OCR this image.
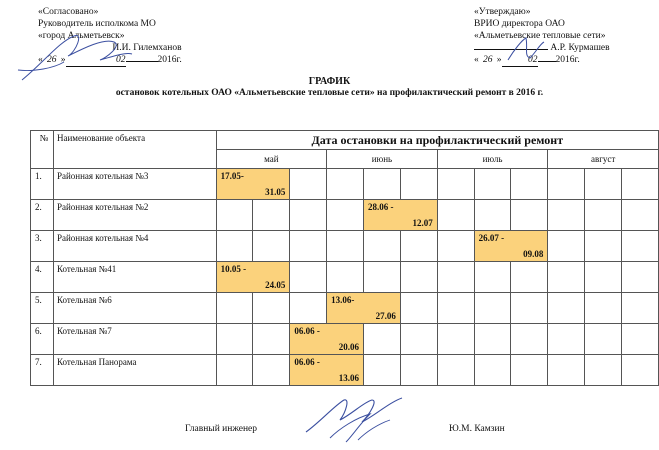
«Согласовано»
Руководитель исполкома МО
«город Альметьевск»
И.И. Гилемханов
« 26 »	02	2016г.
«Утверждаю»
ВРИО директора ОАО
«Альметьевские тепловые сети»
А.Р. Курмашев
« 26 »	02 2016г.
ГРАФИК
остановок котельных ОАО «Альметьевские тепловые сети» на профилактический ремонт в 2016 г.
№	Наименование объекта	Дата остановки на профилактический ремонт											
		май			июнь			июль			август		
1.	Районная котельная №3	17.05-
31.05											

2.	Районная котельная №2					28.06 -
12.07							

3.	Районная котельная №4								26.07 -
09.08				

4.	Котельная №41	10.05 -
24.05											

5.	Котельная №6				13.06-
27.06								

6.	Котельная №7			06.06 -
20.06									

7.	Котельная Панорама			06.06 -
13.06									

Главный инженер	Ю.М. Камзин
